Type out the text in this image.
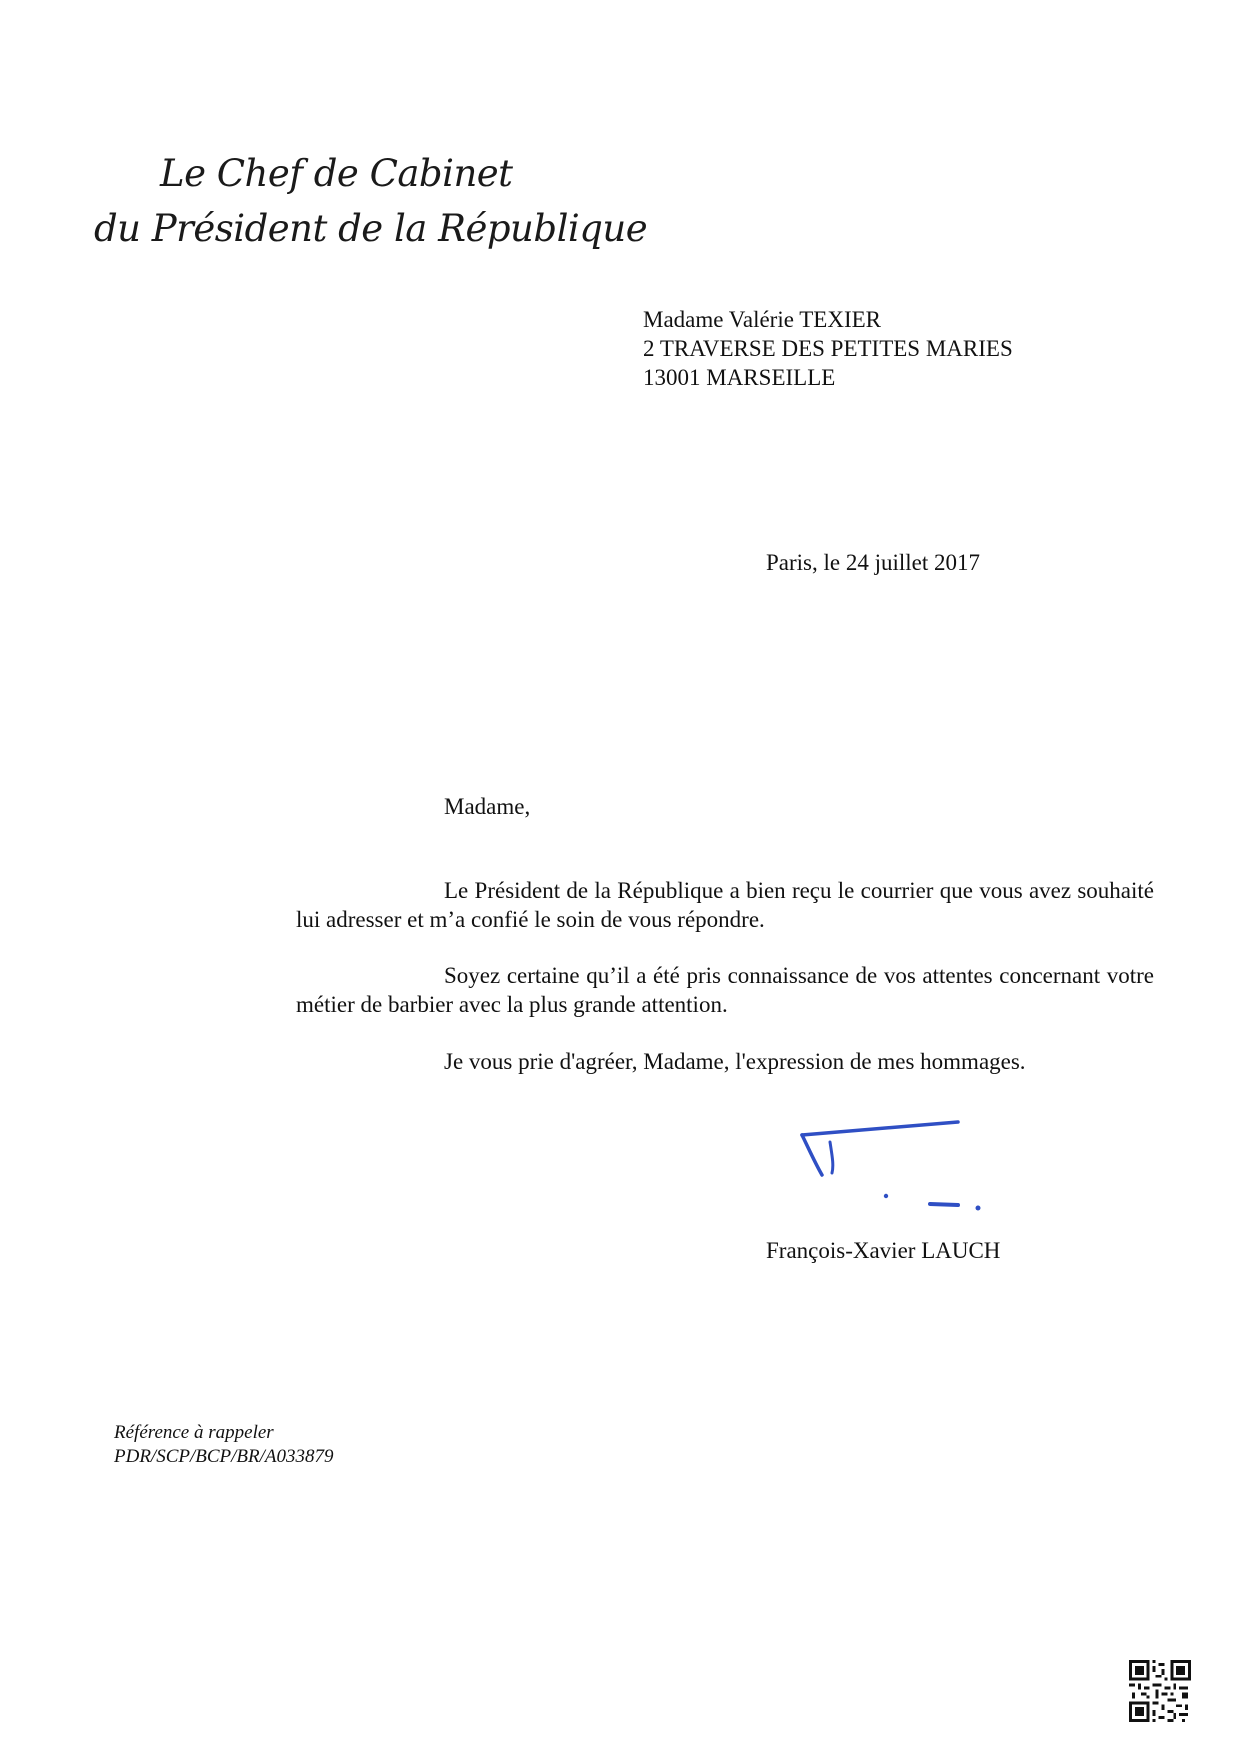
Le Chef de Cabinet
du Président de la République
Madame Valérie TEXIER
2 TRAVERSE DES PETITES MARIES
13001 MARSEILLE
Paris, le 24 juillet 2017
Madame,
Le Président de la République a bien reçu le courrier que vous avez souhaité lui adresser et m’a confié le soin de vous répondre.
Soyez certaine qu’il a été pris connaissance de vos attentes concernant votre métier de barbier avec la plus grande attention.
Je vous prie d'agréer, Madame, l'expression de mes hommages.
François-Xavier LAUCH
Référence à rappeler
PDR/SCP/BCP/BR/A033879
